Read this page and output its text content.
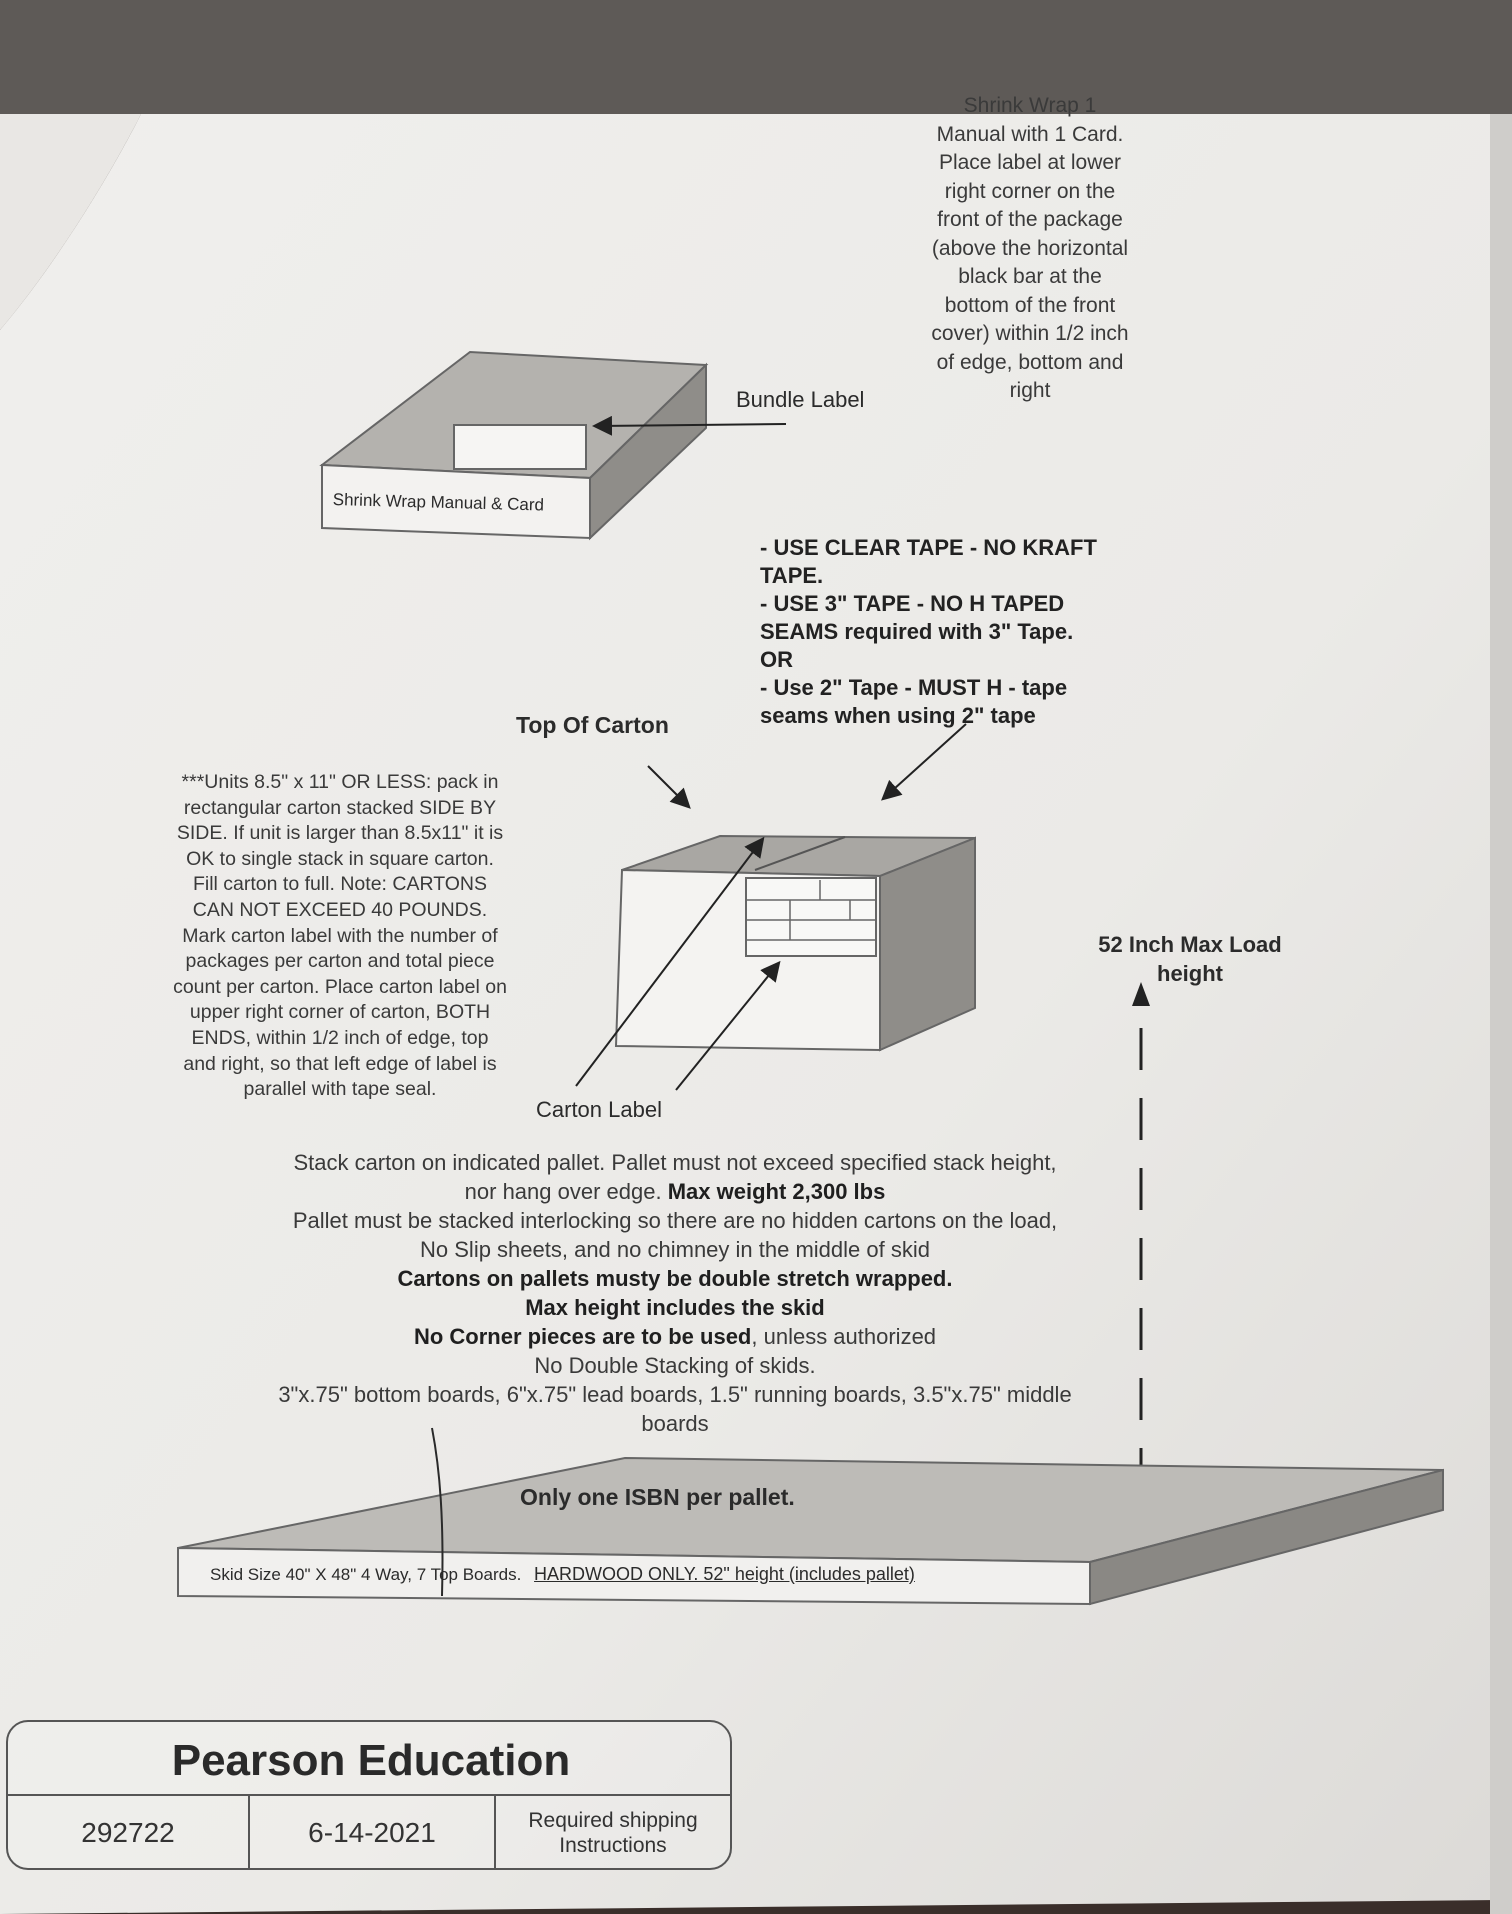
Shrink Wrap 1
Manual with 1 Card.
Place label at lower
right corner on the
front of the package
(above the horizontal
black bar at the
bottom of the front
cover) within 1/2 inch
of edge, bottom and
right
Bundle Label
Shrink Wrap Manual & Card
- USE CLEAR TAPE - NO KRAFT
TAPE.
- USE 3" TAPE - NO H TAPED
SEAMS required with 3" Tape.
OR
- Use 2" Tape - MUST H - tape
seams when using 2" tape
Top Of Carton
***Units 8.5" x 11" OR LESS: pack in
rectangular carton stacked SIDE BY
SIDE. If unit is larger than 8.5x11" it is
OK to single stack in square carton.
Fill carton to full. Note: CARTONS
CAN NOT EXCEED 40 POUNDS.
Mark carton label with the number of
packages per carton and total piece
count per carton. Place carton label on
upper right corner of carton, BOTH
ENDS, within 1/2 inch of edge, top
and right, so that left edge of label is
parallel with tape seal.
Carton Label
52 Inch Max Load
height
Stack carton on indicated pallet. Pallet must not exceed specified stack height,
nor hang over edge. Max weight 2,300 lbs
Pallet must be stacked interlocking so there are no hidden cartons on the load,
No Slip sheets, and no chimney in the middle of skid
Cartons on pallets musty be double stretch wrapped.
Max height includes the skid
No Corner pieces are to be used, unless authorized
No Double Stacking of skids.
3"x.75" bottom boards, 6"x.75" lead boards, 1.5" running boards, 3.5"x.75" middle
boards
Only one ISBN per pallet.
Skid Size 40" X 48" 4 Way, 7 Top Boards. HARDWOOD ONLY. 52" height (includes pallet)
Pearson Education
292722	6-14-2021	Required shipping
Instructions
